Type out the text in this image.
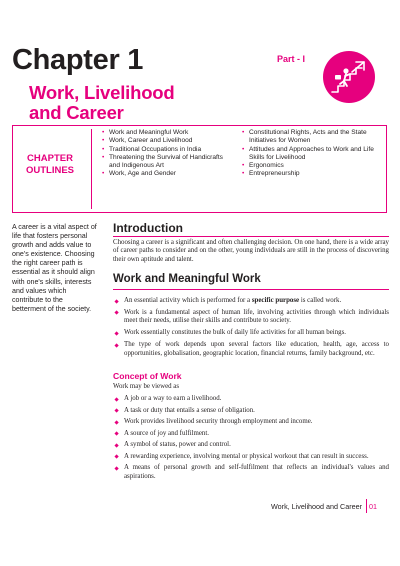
Chapter 1	Part - I
Work, Livelihood
and Career
CHAPTER
OUTLINES
• Work and Meaningful Work
• Work, Career and Livelihood
• Traditional Occupations in India
• Threatening the Survival of Handicrafts and Indigenous Art
• Work, Age and Gender
• Constitutional Rights, Acts and the State Initiatives for Women
• Attitudes and Approaches to Work and Life Skills for Livelihood
• Ergonomics
• Entrepreneurship
A career is a vital aspect of life that fosters personal growth and adds value to one's existence. Choosing the right career path is essential as it should align with one's skills, interests and values which contribute to the betterment of the society.
Introduction
Choosing a career is a significant and often challenging decision. On one hand, there is a wide array of career paths to consider and on the other, young individuals are still in the process of discovering their own aptitude and talent.
Work and Meaningful Work
An essential activity which is performed for a specific purpose is called work.
Work is a fundamental aspect of human life, involving activities through which individuals meet their needs, utilise their skills and contribute to society.
Work essentially constitutes the bulk of daily life activities for all human beings.
The type of work depends upon several factors like education, health, age, access to opportunities, globalisation, geographic location, financial returns, family background, etc.
Concept of Work
Work may be viewed as
A job or a way to earn a livelihood.
A task or duty that entails a sense of obligation.
Work provides livelihood security through employment and income.
A source of joy and fulfilment.
A symbol of status, power and control.
A rewarding experience, involving mental or physical workout that can result in success.
A means of personal growth and self-fulfilment that reflects an individual's values and aspirations.
Work, Livelihood and Career 01
